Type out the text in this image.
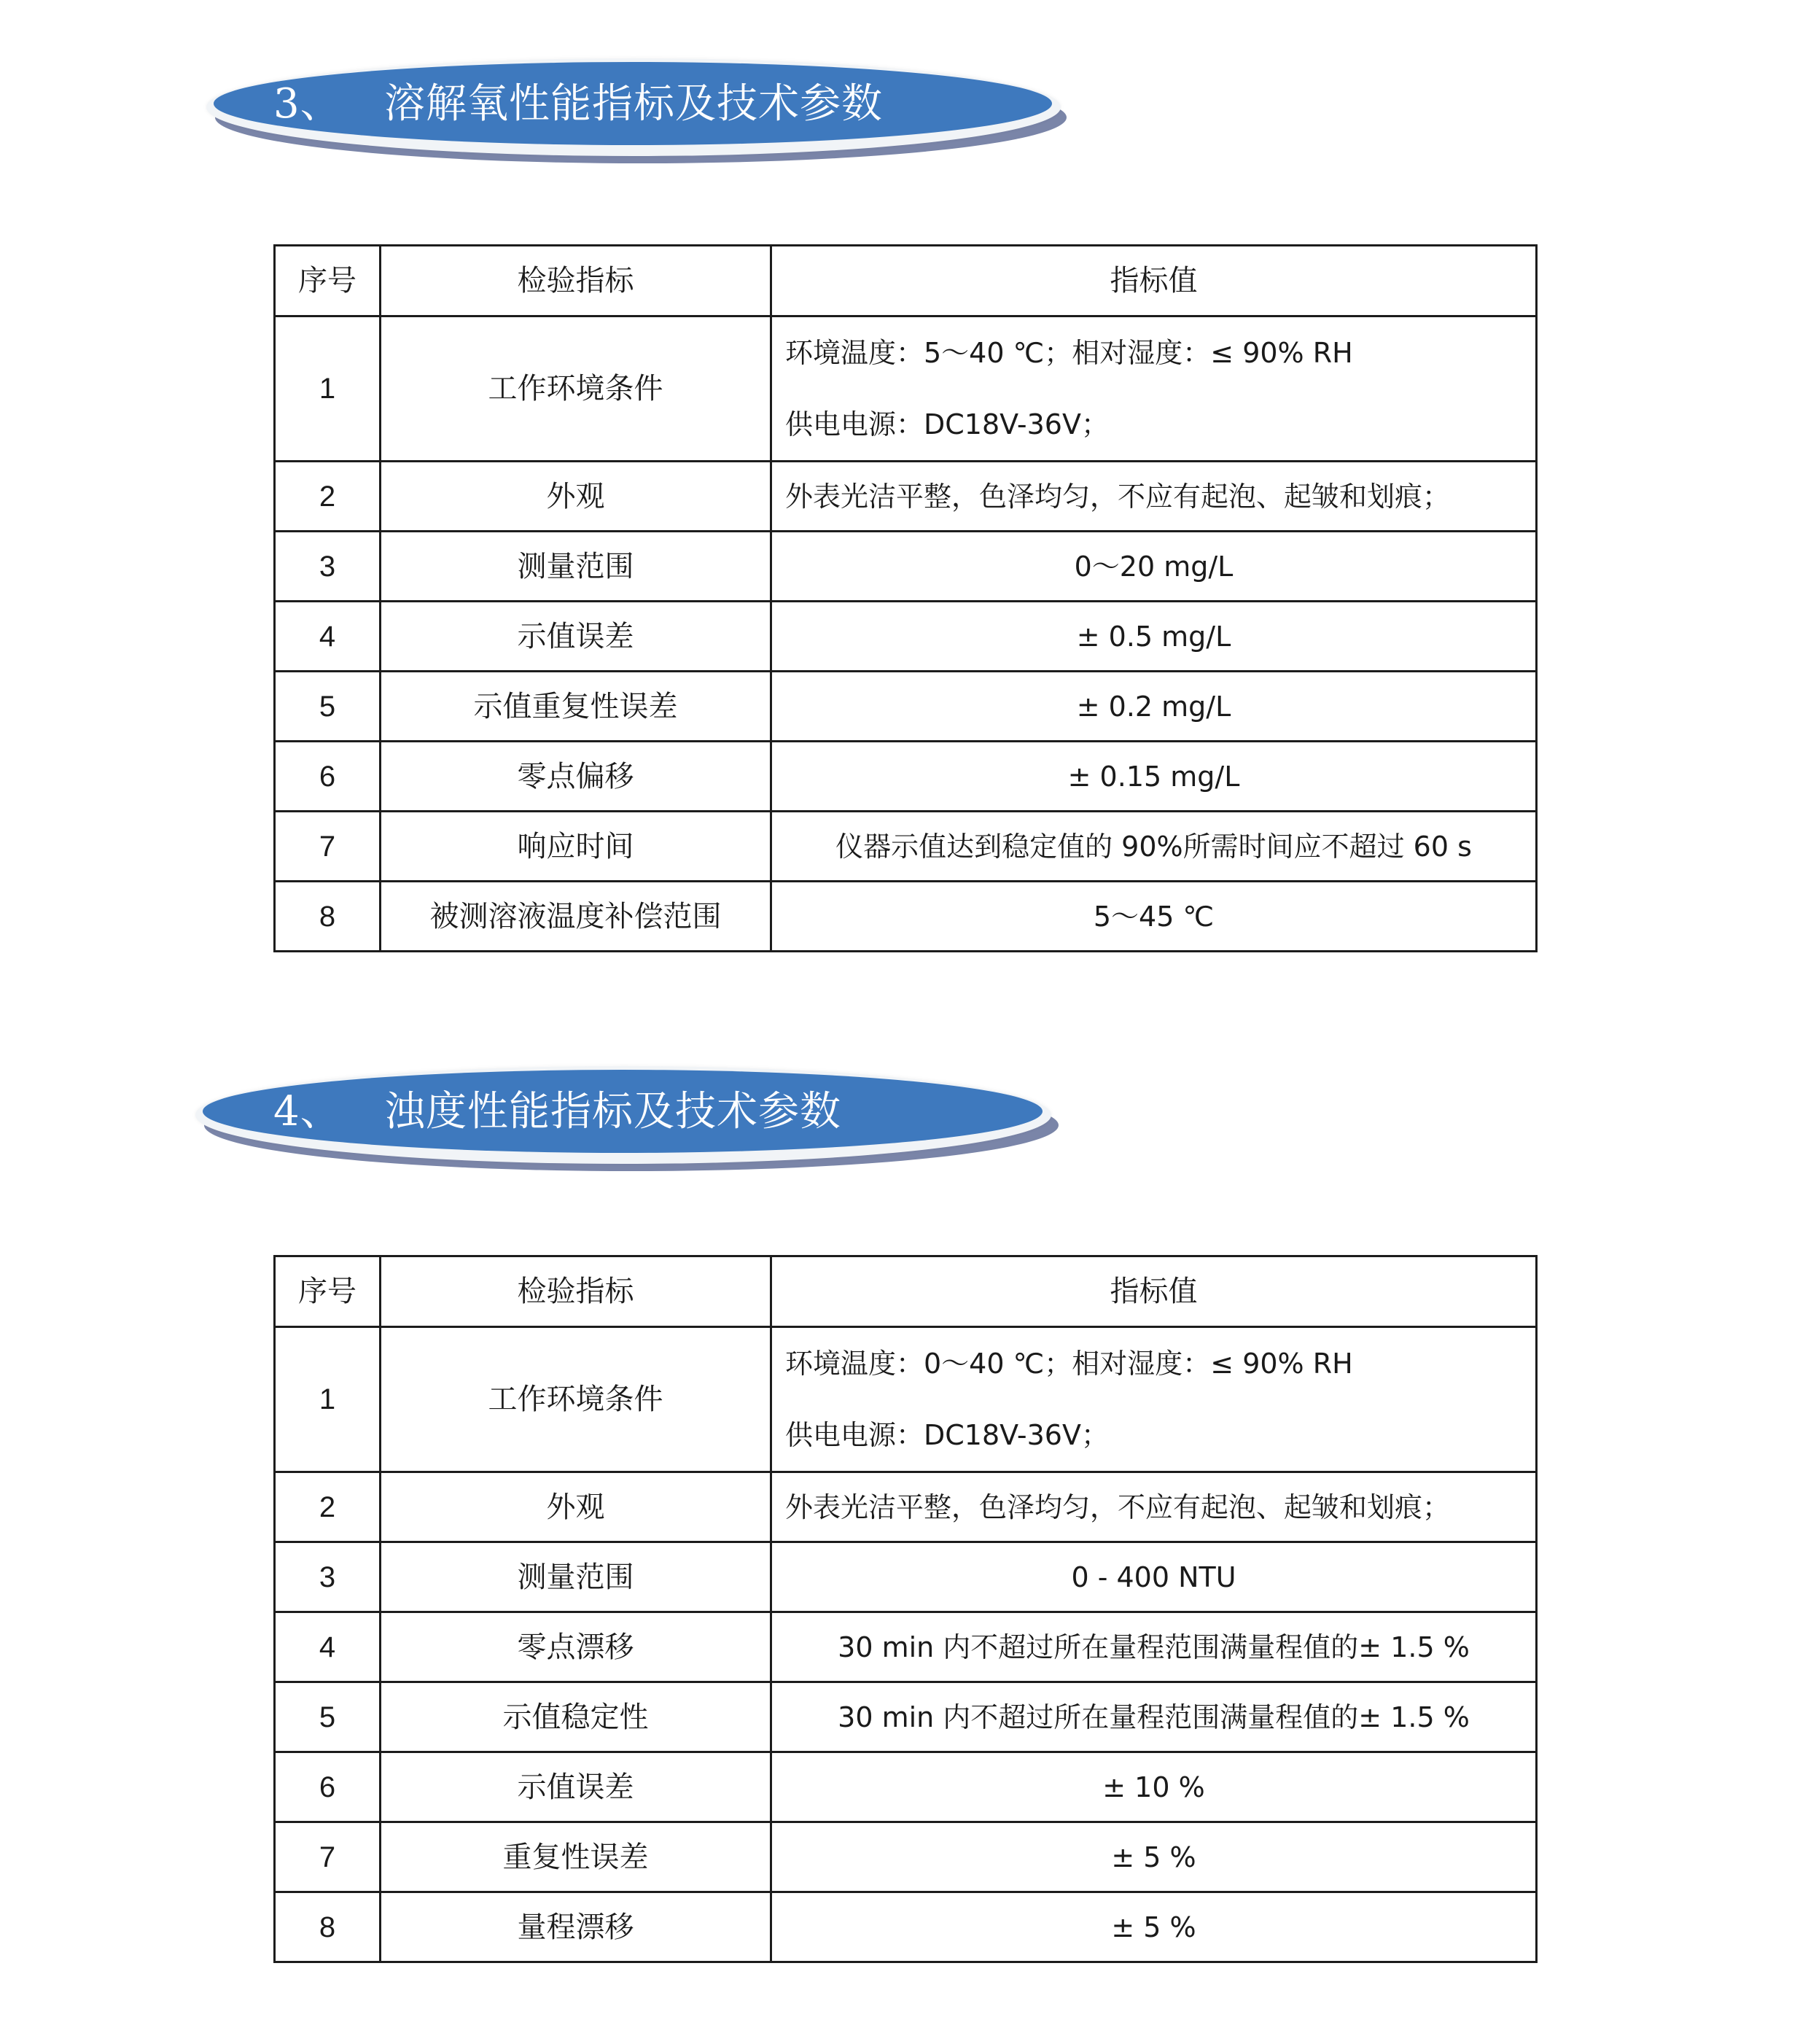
3、 溶解氧性能指标及技术参数
序号	检验指标	指标值
1	工作环境条件	环境温度：5～40 ℃；相对湿度：≤ 90% RH
供电电源：DC18V-36V；

2	外观	外表光洁平整，色泽均匀，不应有起泡、起皱和划痕；
3	测量范围	0～20 mg/L
4	示值误差	± 0.5 mg/L
5	示值重复性误差	± 0.2 mg/L
6	零点偏移	± 0.15 mg/L
7	响应时间	仪器示值达到稳定值的 90%所需时间应不超过 60 s
8	被测溶液温度补偿范围	5～45 ℃
4、 浊度性能指标及技术参数
序号	检验指标	指标值
1	工作环境条件	环境温度：0～40 ℃；相对湿度：≤ 90% RH
供电电源：DC18V-36V；

2	外观	外表光洁平整，色泽均匀，不应有起泡、起皱和划痕；
3	测量范围	0 - 400 NTU
4	零点漂移	30 min 内不超过所在量程范围满量程值的± 1.5 %
5	示值稳定性	30 min 内不超过所在量程范围满量程值的± 1.5 %
6	示值误差	± 10 %
7	重复性误差	± 5 %
8	量程漂移	± 5 %
